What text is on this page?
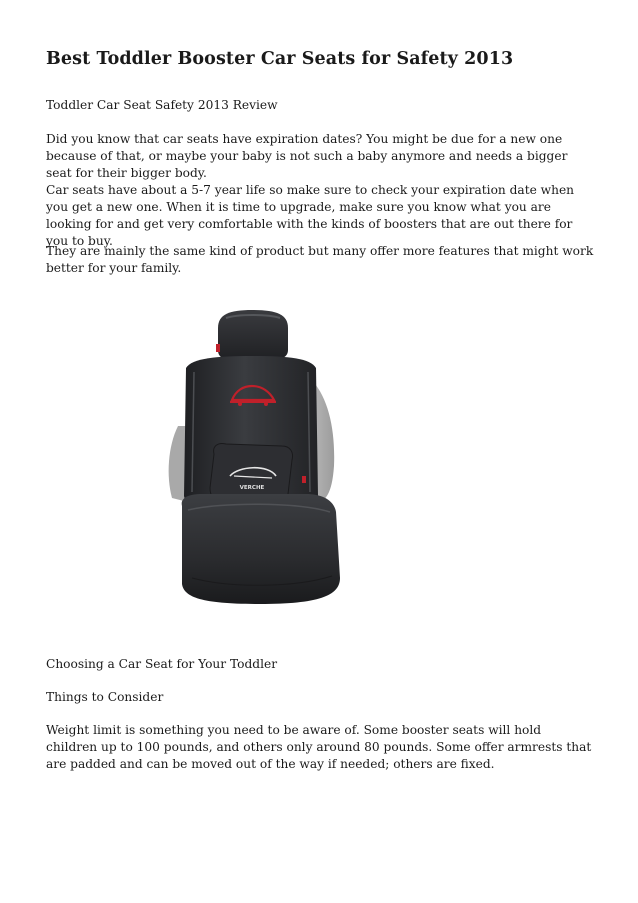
Best Toddler Booster Car Seats for Safety 2013

Toddler Car Seat Safety 2013 Review

Did you know that car seats have expiration dates? You might be due for a new one because of that, or maybe your baby is not such a baby anymore and needs a bigger seat for their bigger body.

Car seats have about a 5-7 year life so make sure to check your expiration date when you get a new one. When it is time to upgrade, make sure you know what you are looking for and get very comfortable with the kinds of boosters that are out there for you to buy.

They are mainly the same kind of product but many offer more features that might work better for your family.

VERCHE

Choosing a Car Seat for Your Toddler

Things to Consider

Weight limit is something you need to be aware of. Some booster seats will hold children up to 100 pounds, and others only around 80 pounds. Some offer armrests that are padded and can be moved out of the way if needed; others are fixed.
